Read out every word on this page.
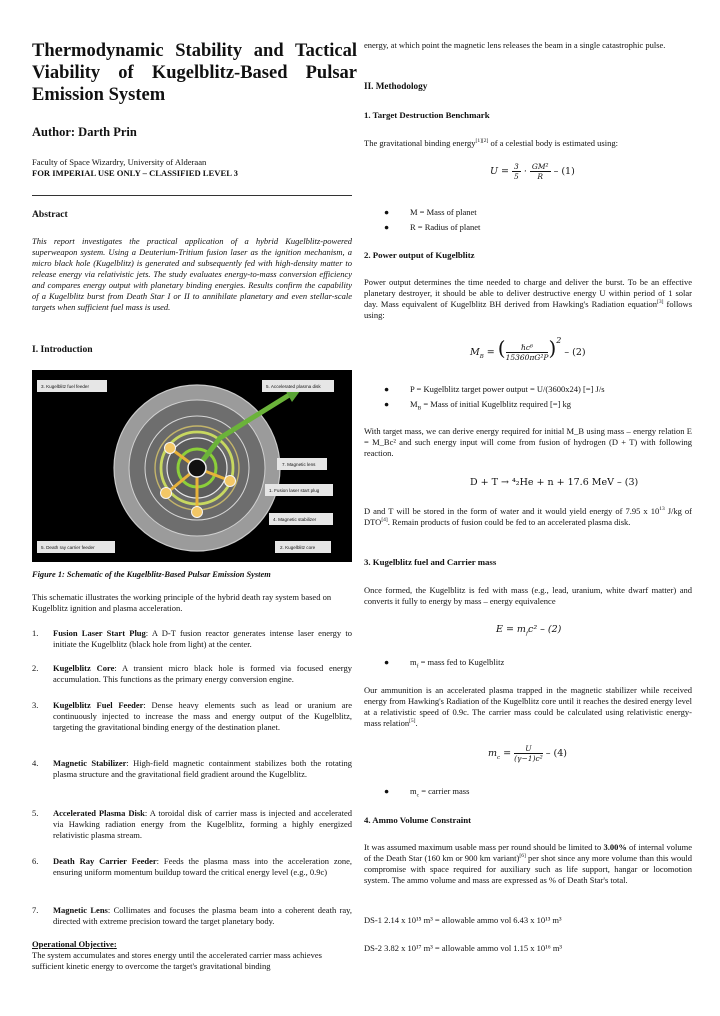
Thermodynamic Stability and Tactical Viability of Kugelblitz-Based Pulsar Emission System
Author: Darth Prin
Faculty of Space Wizardry, University of Alderaan
FOR IMPERIAL USE ONLY – CLASSIFIED LEVEL 3
Abstract
This report investigates the practical application of a hybrid Kugelblitz-powered superweapon system. Using a Deuterium-Tritium fusion laser as the ignition mechanism, a micro black hole (Kugelblitz) is generated and subsequently fed with high-density matter to release energy via relativistic jets. The study evaluates energy-to-mass conversion efficiency and compares energy output with planetary binding energies. Results confirm the capability of a Kugelblitz burst from Death Star I or II to annihilate planetary and even stellar-scale targets when sufficient fuel mass is used.
I. Introduction
3. Kugelblitz fuel feeder	5. Accelerated plasma disk
7. Magnetic lens
1. Fusion laser start plug
4. Magnetic stabilizer
5. Death ray carrier feeder	2. Kugelblitz core
Figure 1: Schematic of the Kugelblitz-Based Pulsar Emission System
This schematic illustrates the working principle of the hybrid death ray system based on Kugelblitz ignition and plasma acceleration.
1. Fusion Laser Start Plug: A D-T fusion reactor generates intense laser energy to initiate the Kugelblitz (black hole from light) at the center.
2. Kugelblitz Core: A transient micro black hole is formed via focused energy accumulation. This functions as the primary energy conversion engine.
3. Kugelblitz Fuel Feeder: Dense heavy elements such as lead or uranium are continuously injected to increase the mass and energy output of the Kugelblitz, targeting the gravitational binding energy of the destination planet.
4. Magnetic Stabilizer: High-field magnetic containment stabilizes both the rotating plasma structure and the gravitational field gradient around the Kugelblitz.
5. Accelerated Plasma Disk: A toroidal disk of carrier mass is injected and accelerated via Hawking radiation energy from the Kugelblitz, forming a highly energized relativistic plasma stream.
6. Death Ray Carrier Feeder: Feeds the plasma mass into the acceleration zone, ensuring uniform momentum buildup toward the critical energy level (e.g., 0.9c)
7. Magnetic Lens: Collimates and focuses the plasma beam into a coherent death ray, directed with extreme precision toward the target planetary body.
Operational Objective:
The system accumulates and stores energy until the accelerated carrier mass achieves sufficient kinetic energy to overcome the target's gravitational binding
energy, at which point the magnetic lens releases the beam in a single catastrophic pulse.
II. Methodology
1. Target Destruction Benchmark
The gravitational binding energy[1][2] of a celestial body is estimated using:
$U = \frac{3}{5} \cdot \frac{\text{GM²}}{R} - (1)$
● M = Mass of planet
● R = Radius of planet
2. Power output of Kugelblitz
Power output determines the time needed to charge and deliver the burst. To be an effective planetary destroyer, it should be able to deliver destructive energy U within period of 1 solar day. Mass equivalent of Kugelblitz BH derived from Hawking's Radiation equation[3] follows using:
$M_B$ = ( $\frac{\text{ℏc⁶}}{\text{15360πG²P}} )^2 - (2)$
● P = Kugelblitz target power output = U/(3600x24) [=] J/s
● $M_B$ = Mass of initial Kugelblitz required [=] kg
With target mass, we can derive energy required for initial M_B using mass – energy relation E = M_Bc² and such energy input will come from fusion of hydrogen (D + T) with following reaction.
D + T → ⁴₂He + n + 17.6 MeV – (3)
D and T will be stored in the form of water and it would yield energy of 7.95 x $10^{13}$ J/kg of DTO[4]. Remain products of fusion could be fed to an accelerated plasma disk.
3. Kugelblitz fuel and Carrier mass
Once formed, the Kugelblitz is fed with mass (e.g., lead, uranium, white dwarf matter) and converts it fully to energy by mass – energy equivalence
$E = m_fc^2 - (2)$
● $m_f$ = mass fed to Kugelblitz
Our ammunition is an accelerated plasma trapped in the magnetic stabilizer while received energy from Hawking's Radiation of the Kugelblitz core until it reaches the desired energy level at a relativistic speed of 0.9c. The carrier mass could be calculated using relativistic energy-mass relation[5].
$m_c = \frac{U}{\text{(γ−1)c²}} - (4)$
● $m_c$ = carrier mass
4. Ammo Volume Constraint
It was assumed maximum usable mass per round should be limited to 3.00% of internal volume of the Death Star (160 km or 900 km variant)[6] per shot since any more volume than this would compromise with space required for auxiliary such as life support, hangar or locomotion system. The ammo volume and mass are expressed as % of Death Star's total.
DS-1 2.14 x 10¹⁵ m³ = allowable ammo vol 6.43 x 10¹³ m³
DS-2 3.82 x 10¹⁷ m³ = allowable ammo vol 1.15 x 10¹⁶ m³
